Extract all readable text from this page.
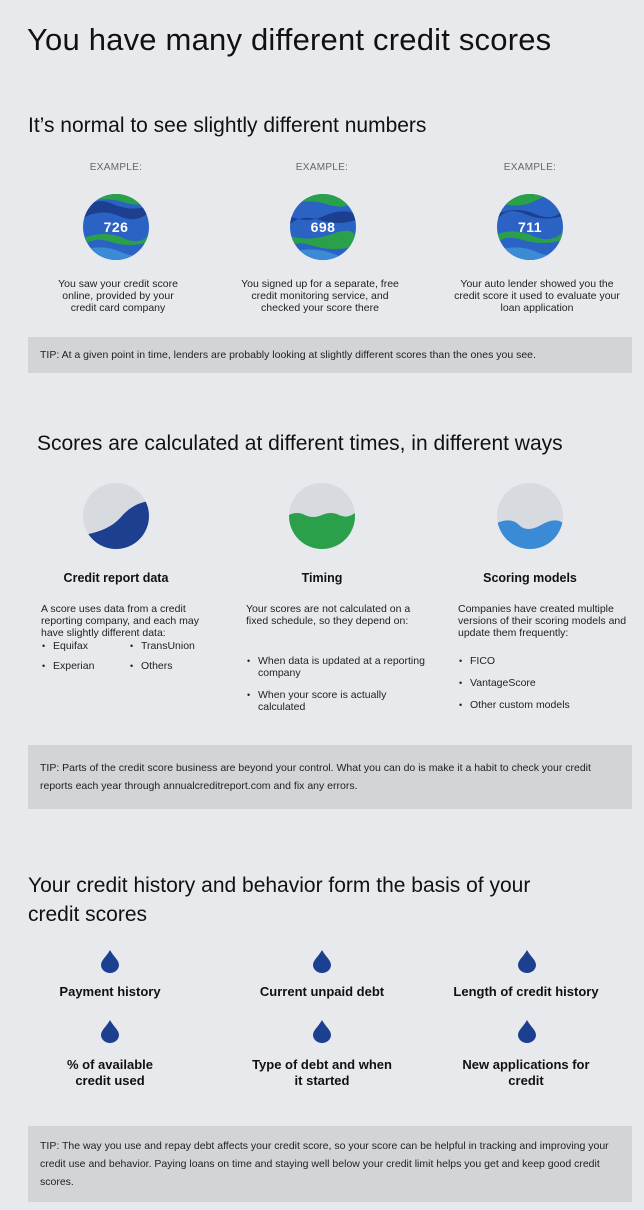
You have many different credit scores
It’s normal to see slightly different numbers
EXAMPLE:
726
You saw your credit score online, provided by your credit card company
EXAMPLE:
698
You signed up for a separate, free credit monitoring service, and checked your score there
EXAMPLE:
711
Your auto lender showed you the credit score it used to evaluate your loan application
TIP: At a given point in time, lenders are probably looking at slightly different scores than the ones you see.
Scores are calculated at different times, in different ways
Credit report data	Timing	Scoring models
A score uses data from a credit reporting company, and each may have slightly different data:
• Equifax
• Experian
• TransUnion
• Others
Your scores are not calculated on a fixed schedule, so they depend on:
• When data is updated at a reporting company
• When your score is actually calculated
Companies have created multiple versions of their scoring models and update them frequently:
• FICO
• VantageScore
• Other custom models
TIP: Parts of the credit score business are beyond your control. What you can do is make it a habit to check your credit reports each year through annualcreditreport.com and fix any errors.
Your credit history and behavior form the basis of your credit scores
Payment history	Current unpaid debt	Length of credit history
% of available credit used
Type of debt and when it started
New applications for credit
TIP: The way you use and repay debt affects your credit score, so your score can be helpful in tracking and improving your credit use and behavior. Paying loans on time and staying well below your credit limit helps you get and keep good credit scores.
